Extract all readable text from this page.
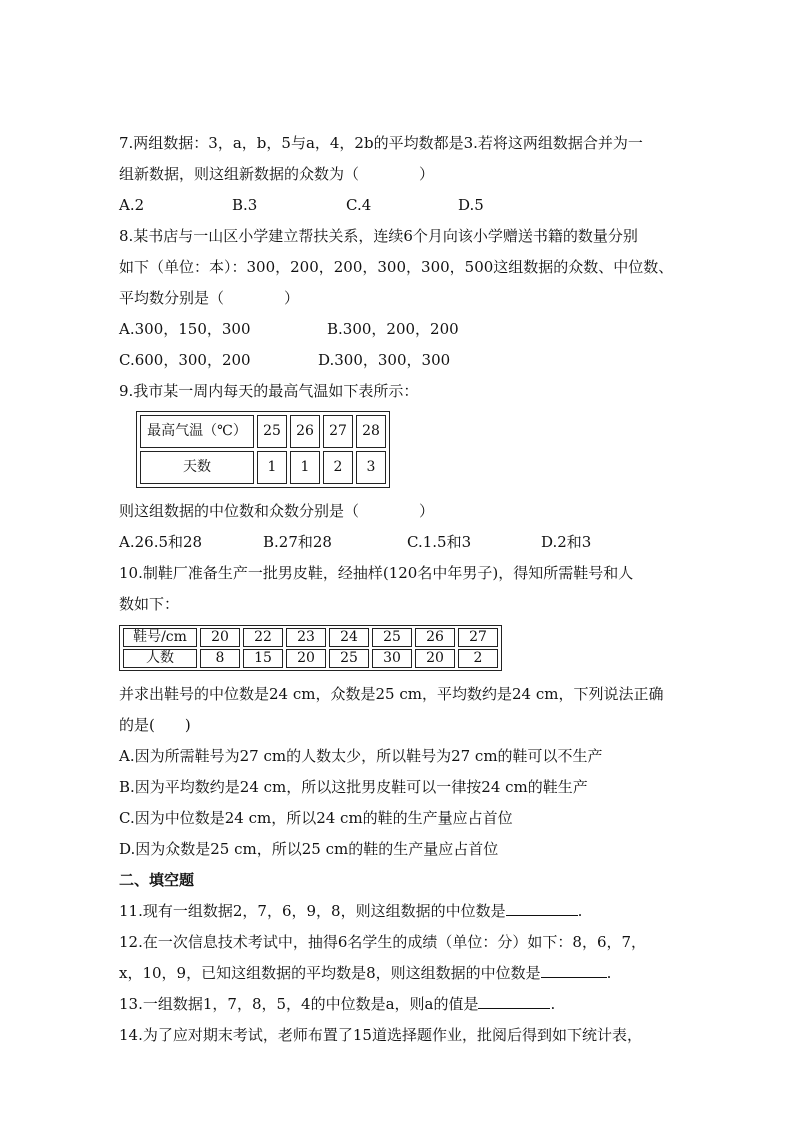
7.两组数据：3，a，b，5与a，4，2b的平均数都是3.若将这两组数据合并为一
组新数据，则这组新数据的众数为（　　　　）
A.2	B.3	C.4	D.5
8.某书店与一山区小学建立帮扶关系，连续6个月向该小学赠送书籍的数量分别
如下（单位：本）：300，200，200，300，300，500这组数据的众数、中位数、
平均数分别是（　　　　）
A.300，150，300	B.300，200，200
C.600，300，200	D.300，300，300
9.我市某一周内每天的最高气温如下表所示：
最高气温（℃）	25	26	27	28
天数	1	1	2	3
则这组数据的中位数和众数分别是（　　　　）
A.26.5和28	B.27和28	C.1.5和3	D.2和3
10.制鞋厂准备生产一批男皮鞋，经抽样(120名中年男子)，得知所需鞋号和人
数如下：
鞋号/cm	20	22	23	24	25	26	27
人数	8	15	20	25	30	20	2
并求出鞋号的中位数是24 cm，众数是25 cm，平均数约是24 cm，下列说法正确
的是(　　)
A.因为所需鞋号为27 cm的人数太少，所以鞋号为27 cm的鞋可以不生产
B.因为平均数约是24 cm，所以这批男皮鞋可以一律按24 cm的鞋生产
C.因为中位数是24 cm，所以24 cm的鞋的生产量应占首位
D.因为众数是25 cm，所以25 cm的鞋的生产量应占首位
二、填空题
11.现有一组数据2，7，6，9，8，则这组数据的中位数是	.
12.在一次信息技术考试中，抽得6名学生的成绩（单位：分）如下：8，6，7，
x，10，9，已知这组数据的平均数是8，则这组数据的中位数是	.
13.一组数据1，7，8，5，4的中位数是a，则a的值是	.
14.为了应对期末考试，老师布置了15道选择题作业，批阅后得到如下统计表，
